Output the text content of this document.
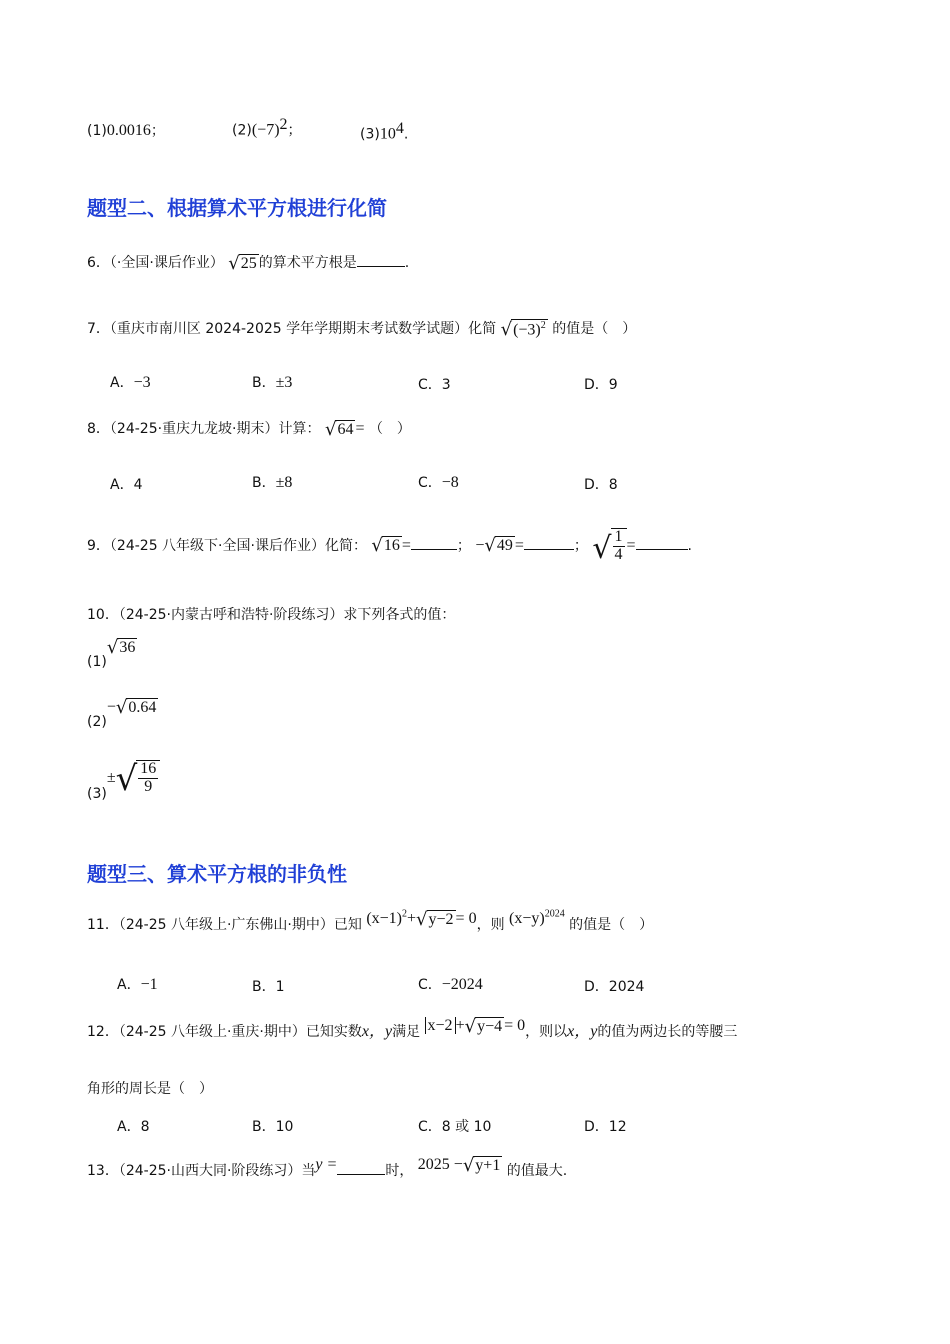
(1)0.0016；	$(2)(-7)^2$；	$(3)10^4$.
题型二、根据算术平方根进行化简
6．（·全国·课后作业） √ 25 的算术平方根是	.
7．（重庆市南川区 2024-2025 学年学期期末考试数学试题）化简 √ $(-3)^2$ 的值是（　）
A．−3	B．±3	C．3	D．9
8．（24-25·重庆九龙坡·期末）计算： √ 64 = （　）
A．4	B．±8	C．−8	D．8
9．（24-25 八年级下·全国·课后作业）化简： √ 16 =	； − √ 49 =	； √ $\frac{1}{4}$ =	.
10．（24-25·内蒙古呼和浩特·阶段练习）求下列各式的值：
(1)
√ 36
(2)− √ 0.64
(3)± √ $\frac{16}{9}$
题型三、算术平方根的非负性
11．（24-25 八年级上·广东佛山·期中）已知 $(x-1)^2+$ √ y−2 = 0，则 $(x-y)^{2024}$ 的值是（　）
A．−1	B．1	C．−2024	D．2024
12．（24-25 八年级上·重庆·期中）已知实数x，y满足 x−2 + √ y−4 = 0，则以x，y的值为两边长的等腰三
角形的周长是（　）
A．8	B．10	C．8 或 10	D．12
13．（24-25·山西大同·阶段练习）当y =	时， 2025 − √ y+1 的值最大.
